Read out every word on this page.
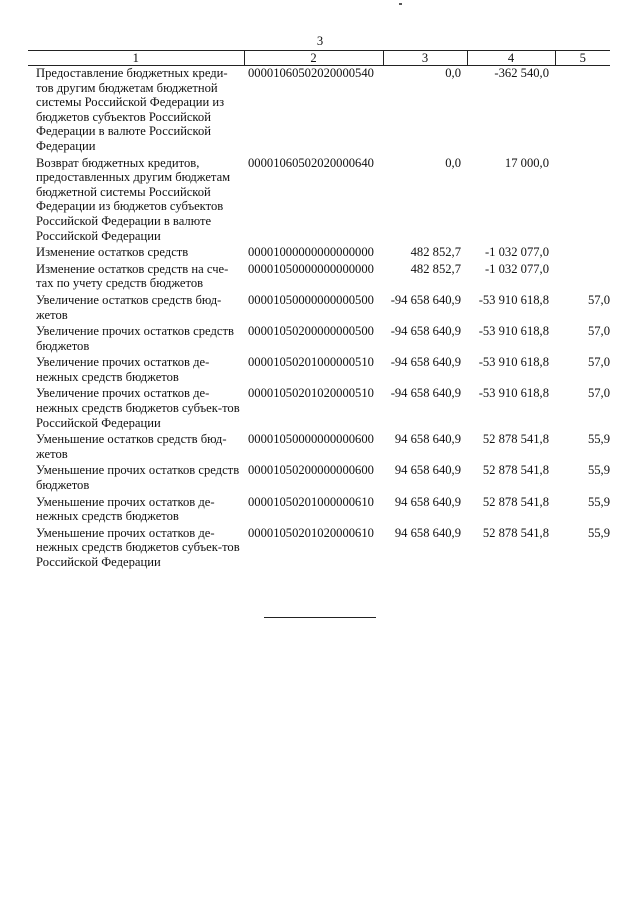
3
1	2	3	4	5
Предоставление бюджетных креди-тов другим бюджетам бюджетной системы Российской Федерации из бюджетов субъектов Российской Федерации в валюте Российской Федерации	00001060502020000540	0,0	-362 540,0	
Возврат бюджетных кредитов, предоставленных другим бюджетам бюджетной системы Российской Федерации из бюджетов субъектов Российской Федерации в валюте Российской Федерации	00001060502020000640	0,0	17 000,0	
Изменение остатков средств	00001000000000000000	482 852,7	-1 032 077,0	
Изменение остатков средств на сче-тах по учету средств бюджетов	00001050000000000000	482 852,7	-1 032 077,0	
Увеличение остатков средств бюд-жетов	00001050000000000500	-94 658 640,9	-53 910 618,8	57,0
Увеличение прочих остатков средств бюджетов	00001050200000000500	-94 658 640,9	-53 910 618,8	57,0
Увеличение прочих остатков де-нежных средств бюджетов	00001050201000000510	-94 658 640,9	-53 910 618,8	57,0
Увеличение прочих остатков де-нежных средств бюджетов субъек-тов Российской Федерации	00001050201020000510	-94 658 640,9	-53 910 618,8	57,0
Уменьшение остатков средств бюд-жетов	00001050000000000600	94 658 640,9	52 878 541,8	55,9
Уменьшение прочих остатков средств бюджетов	00001050200000000600	94 658 640,9	52 878 541,8	55,9
Уменьшение прочих остатков де-нежных средств бюджетов	00001050201000000610	94 658 640,9	52 878 541,8	55,9
Уменьшение прочих остатков де-нежных средств бюджетов субъек-тов Российской Федерации	00001050201020000610	94 658 640,9	52 878 541,8	55,9
